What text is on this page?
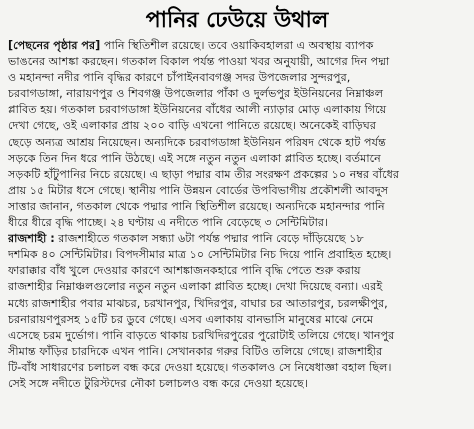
পানির ঢেউয়ে উথাল
[পেছনের পৃষ্ঠার পর] পানি স্থিতিশীল রয়েছে। তবে ওয়াকিবহালরা এ অবস্থায় ব্যাপক
ভাঙনের আশঙ্কা করছেন। গতকাল বিকাল পর্যন্ত পাওয়া খবর অনুযায়ী, আগের দিন পদ্মা
ও মহানন্দা নদীর পানি বৃদ্ধির কারণে চাঁপাইনবাবগঞ্জ সদর উপজেলার সুন্দরপুর,
চরবাগডাঙ্গা, নারায়ণপুর ও শিবগঞ্জ উপজেলার পাঁকা ও দুর্লভপুর ইউনিয়নের নিম্নাঞ্চল
প্লাবিত হয়। গতকাল চরবাগডাঙ্গা ইউনিয়নের বাঁধের আলী ন্যাড়ার মোড় এলাকায় গিয়ে
দেখা গেছে, ওই এলাকার প্রায় ২০০ বাড়ি এখনো পানিতে রয়েছে। অনেকেই বাড়িঘর
ছেড়ে অন্যত্র আশ্রয় নিয়েছেন। অন্যদিকে চরবাগডাঙ্গা ইউনিয়ন পরিষদ থেকে হাট পর্যন্ত
সড়কে তিন দিন ধরে পানি উঠছে। এই সঙ্গে নতুন নতুন এলাকা প্লাবিত হচ্ছে। বর্তমানে
সড়কটি হাঁটুপানির নিচে রয়েছে। এ ছাড়া পদ্মার বাম তীর সংরক্ষণ প্রকল্পের ১০ নম্বর বাঁধের
প্রায় ১৫ মিটার ধসে গেছে। স্থানীয় পানি উন্নয়ন বোর্ডের উপবিভাগীয় প্রকৌশলী আবদুস
সাত্তার জানান, গতকাল থেকে পদ্মার পানি স্থিতিশীল রয়েছে। অন্যদিকে মহানন্দার পানি
ধীরে ধীরে বৃদ্ধি পাচ্ছে। ২৪ ঘণ্টায় এ নদীতে পানি বেড়েছে ৩ সেন্টিমিটার।
রাজশাহী : রাজশাহীতে গতকাল সন্ধ্যা ৬টা পর্যন্ত পদ্মার পানি বেড়ে দাঁড়িয়েছে ১৮
দশমিক ৪০ সেন্টিমিটার। বিপদসীমার মাত্র ১০ সেন্টিমিটার নিচ দিয়ে পানি প্রবাহিত হচ্ছে।
ফারাক্কার বাঁধ খুলে দেওয়ার কারণে আশঙ্কাজনকহারে পানি বৃদ্ধি পেতে শুরু করায়
রাজশাহীর নিম্নাঞ্চলগুলোর নতুন নতুন এলাকা প্লাবিত হচ্ছে। দেখা দিয়েছে বন্যা। এরই
মধ্যে রাজশাহীর পবার মাঝচর, চরখানপুর, খিদিরপুর, বাঘার চর আতারপুর, চরলক্ষীপুর,
চরনারায়ণপুরসহ ১৫টি চর ডুবে গেছে। এসব এলাকায় বানভাসি মানুষের মাঝে নেমে
এসেছে চরম দুর্ভোগ। পানি বাড়তে থাকায় চরখিদিরপুরের পুরোটাই তলিয়ে গেছে। খানপুর
সীমান্ত ফাঁড়ির চারদিকে এখন পানি। সেখানকার গরুর বিটিও তলিয়ে গেছে। রাজশাহীর
টি-বাঁধ সাধারণের চলাচল বন্ধ করে দেওয়া হয়েছে। গতকালও সে নিষেধাজ্ঞা বহাল ছিল।
সেই সঙ্গে নদীতে টুরিস্টদের নৌকা চলাচলও বন্ধ করে দেওয়া হয়েছে।
